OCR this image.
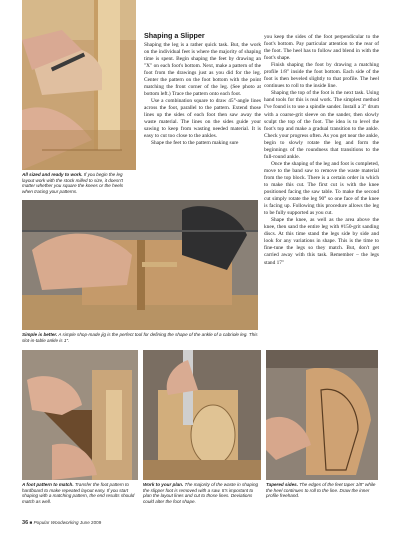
All sized and ready to work. If you begin the leg layout work with the stock milled to size, it doesn't matter whether you square the knees or the heels when tracing your patterns.
Shaping a Slipper

Shaping the leg is a rather quick task. But, the work on the individual feet is where the majority of shaping time is spent. Begin shaping the feet by drawing an "X" on each foot's bottom. Next, make a pattern of the foot from the drawings just as you did for the leg. Center the pattern on the foot bottom with the point matching the front corner of the leg. (See photo at bottom left.) Trace the pattern onto each foot.

Use a combination square to draw 45°-angle lines across the foot, parallel to the pattern. Extend those lines up the sides of each foot then saw away the waste material. The lines on the sides guide your sawing to keep from wasting needed material. It is easy to cut too close to the ankles.

Shape the feet to the pattern making sure

you keep the sides of the foot perpendicular to the foot's bottom. Pay particular attention to the rear of the foot. The heel has to follow and blend in with the foot's shape.

Finish shaping the foot by drawing a matching profile 1/8" inside the foot bottom. Each side of the foot is then beveled slightly to that profile. The heel continues to roll to the inside line.

Shaping the top of the foot is the next task. Using hand tools for this is real work. The simplest method I've found is to use a spindle sander. Install a 3" drum with a coarse-grit sleeve on the sander, then slowly sculpt the top of the foot. The idea is to level the foot's top and make a gradual transition to the ankle. Check your progress often. As you get near the ankle, begin to slowly rotate the leg and form the beginnings of the roundness that transitions to the full-round ankle.

Once the shaping of the leg and foot is completed, move to the band saw to remove the waste material from the top block. There is a certain order in which to make this cut. The first cut is with the knee positioned facing the saw table. To make the second cut simply rotate the leg 90° so one face of the knee is facing up. Following this procedure allows the leg to be fully supported as you cut.

Shape the knee, as well as the area above the knee, then sand the entire leg with #150-grit sanding discs. At this time stand the legs side by side and look for any variations in shape. This is the time to fine-tune the legs so they match. But, don't get carried away with this task. Remember – the legs stand 17"

Simple is better. A simple shop-made jig is the perfect tool for defining the shape of the ankle of a cabriole leg. This slot-in-table ankle is 1".
A foot pattern to match. Transfer the foot pattern to hardboard to make repeated layout easy. If you start shaping with a matching pattern, the end results should match as well.
Work to your plan. The majority of the waste in shaping the slipper foot is removed with a saw. It's important to plan the layout lines and cut to those lines. Deviations could alter the foot shape.
Tapered sides. The edges of the feet taper 1/8" while the heel continues to roll to the line. Draw the inner profile freehand.
36 ■ Popular Woodworking June 2009
